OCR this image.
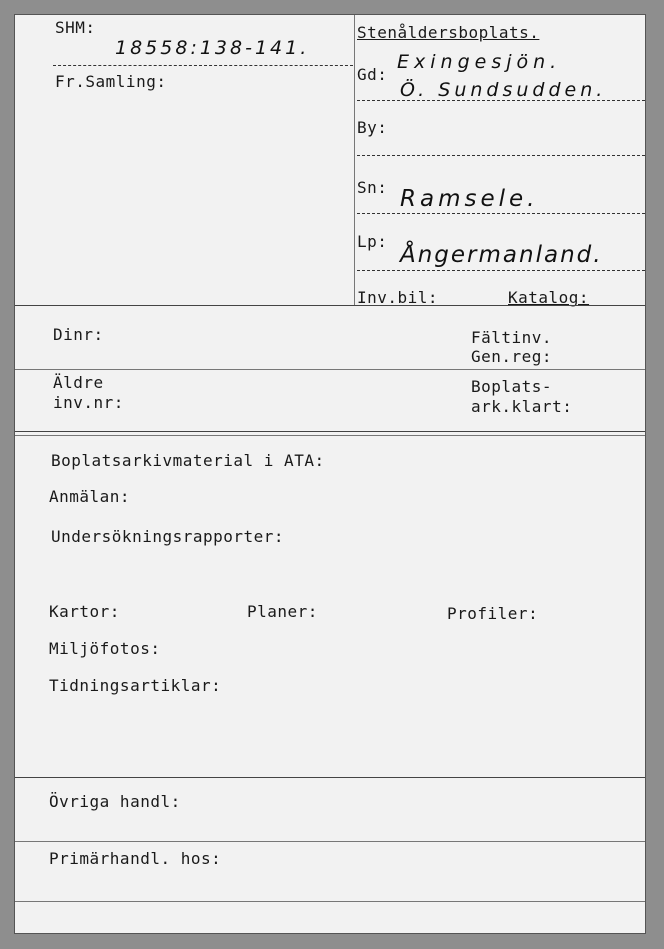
SHM:
18558:138-141.
Fr.Samling:
Stenåldersboplats.
Gd:
Exingesjön.
Ö. Sundsudden.
By:
Sn: Ramsele.
Lp:
Ångermanland.
Inv.bil:	Katalog:
Dinr:	Fältinv.
Gen.reg:
Äldre
inv.nr:
Boplats-
ark.klart:
Boplatsarkivmaterial i ATA:
Anmälan:
Undersökningsrapporter:
Kartor:	Planer:	Profiler:
Miljöfotos:
Tidningsartiklar:
Övriga handl:
Primärhandl. hos:
